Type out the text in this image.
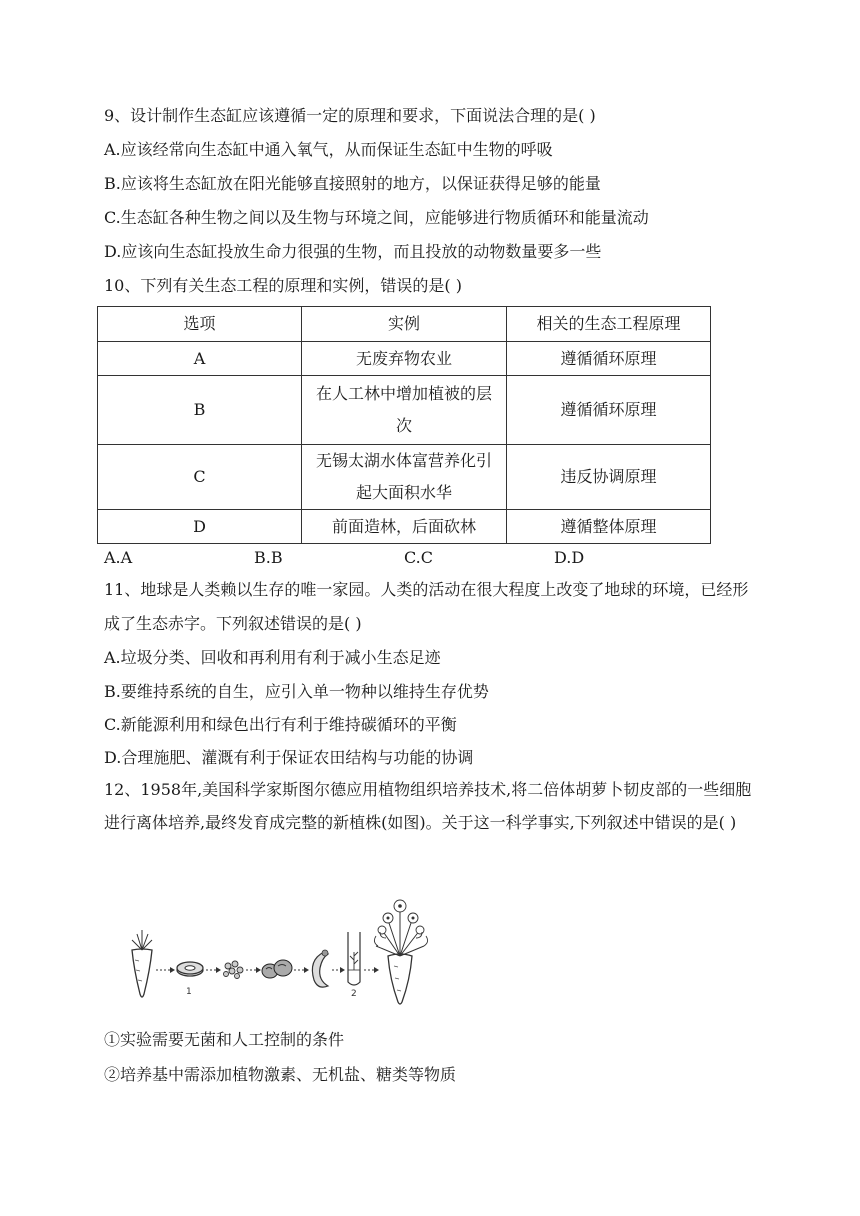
9、设计制作生态缸应该遵循一定的原理和要求，下面说法合理的是( )
A.应该经常向生态缸中通入氧气，从而保证生态缸中生物的呼吸
B.应该将生态缸放在阳光能够直接照射的地方，以保证获得足够的能量
C.生态缸各种生物之间以及生物与环境之间，应能够进行物质循环和能量流动
D.应该向生态缸投放生命力很强的生物，而且投放的动物数量要多一些
10、下列有关生态工程的原理和实例，错误的是( )
选项	实例	相关的生态工程原理
A	无废弃物农业	遵循循环原理
B	在人工林中增加植被的层次	遵循循环原理
C	无锡太湖水体富营养化引起大面积水华	违反协调原理
D	前面造林，后面砍林	遵循整体原理
A.A	B.B	C.C	D.D
11、地球是人类赖以生存的唯一家园。人类的活动在很大程度上改变了地球的环境，已经形成了生态赤字。下列叙述错误的是( )
A.垃圾分类、回收和再利用有利于减小生态足迹
B.要维持系统的自生，应引入单一物种以维持生存优势
C.新能源利用和绿色出行有利于维持碳循环的平衡
D.合理施肥、灌溉有利于保证农田结构与功能的协调
12、1958年,美国科学家斯图尔德应用植物组织培养技术,将二倍体胡萝卜韧皮部的一些细胞进行离体培养,最终发育成完整的新植株(如图)。关于这一科学事实,下列叙述中错误的是( )
1	2
①实验需要无菌和人工控制的条件
②培养基中需添加植物激素、无机盐、糖类等物质
